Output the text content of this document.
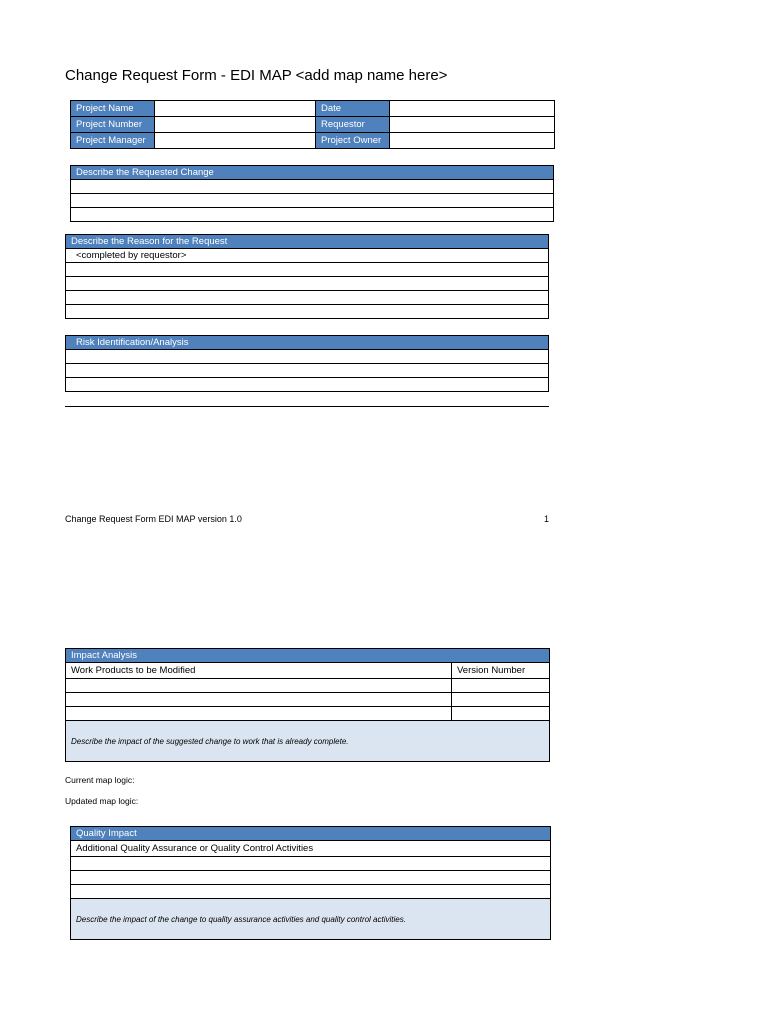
Change Request Form - EDI MAP <add map name here>
Project Name		Date	
Project Number		Requestor	
Project Manager		Project Owner	
Describe the Requested Change

Describe the Reason for the Request
<completed by requestor>

Risk Identification/Analysis

Change Request Form EDI MAP version 1.0	1
Impact Analysis	
Work Products to be Modified	Version Number

Describe the impact of the suggested change to work that is already complete.	
Current map logic:
Updated map logic:
Quality Impact
Additional Quality Assurance or Quality Control Activities

Describe the impact of the change to quality assurance activities and quality control activities.
